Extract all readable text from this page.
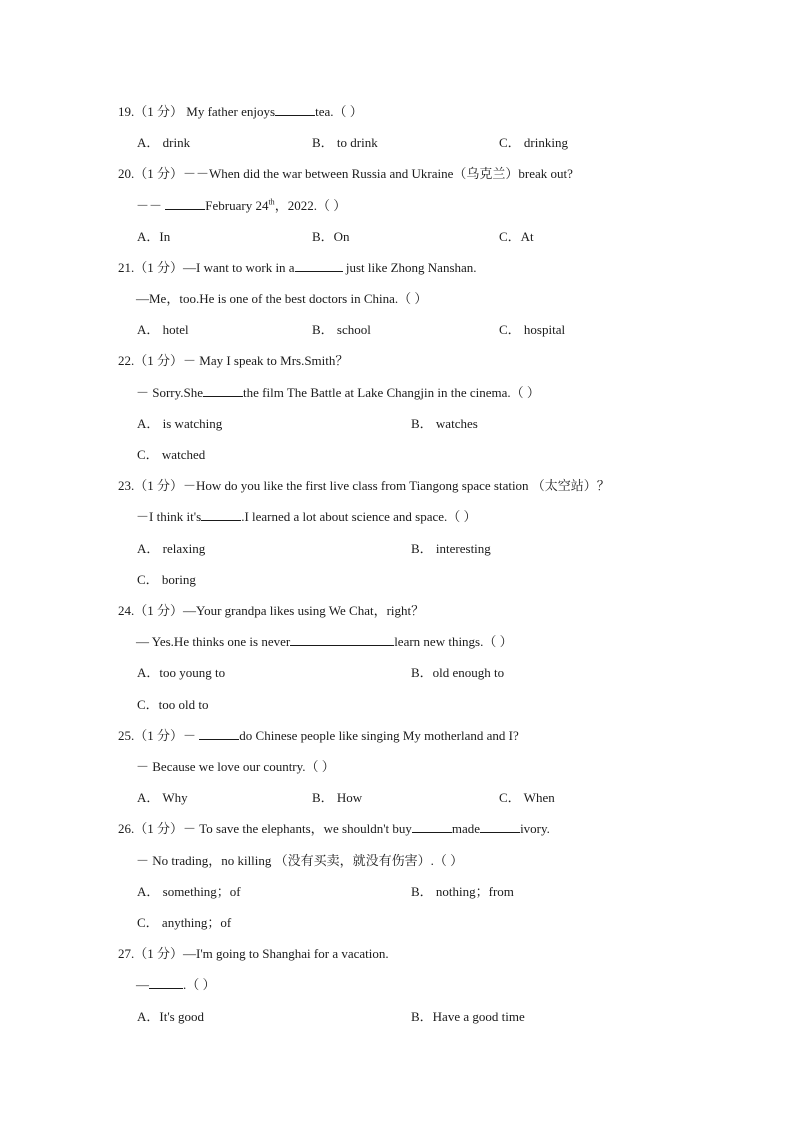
19.（1 分） My father enjoys	tea.（ ）
A． drink	B． to drink	C． drinking
20.（1 分）－－When did the war between Russia and Ukraine（乌克兰）break out?
－－	February 24th，2022.（ ）
A．In	B．On	C．At
21.（1 分）—I want to work in a	just like Zhong Nanshan.
—Me，too.He is one of the best doctors in China.（ ）
A． hotel	B． school	C． hospital
22.（1 分）－ May I speak to Mrs.Smith？
－ Sorry.She	the film The Battle at Lake Changjin in the cinema.（ ）
A． is watching	B． watches
C． watched
23.（1 分）－How do you like the first live class from Tiangong space station （太空站）？
－I think it's	.I learned a lot about science and space.（ ）
A． relaxing	B． interesting
C． boring
24.（1 分）—Your grandpa likes using We Chat，right？
— Yes.He thinks one is never	learn new things.（ ）
A．too young to	B．old enough to
C．too old to
25.（1 分）－	do Chinese people like singing My motherland and I?
－ Because we love our country.（ ）
A． Why	B． How	C． When
26.（1 分）－ To save the elephants，we shouldn't buy	made	ivory.
－ No trading，no killing （没有买卖，就没有伤害）.（ ）
A． something；of	B． nothing；from
C． anything；of
27.（1 分）—I'm going to Shanghai for a vacation.
—	.（ ）
A．It's good	B．Have a good time
